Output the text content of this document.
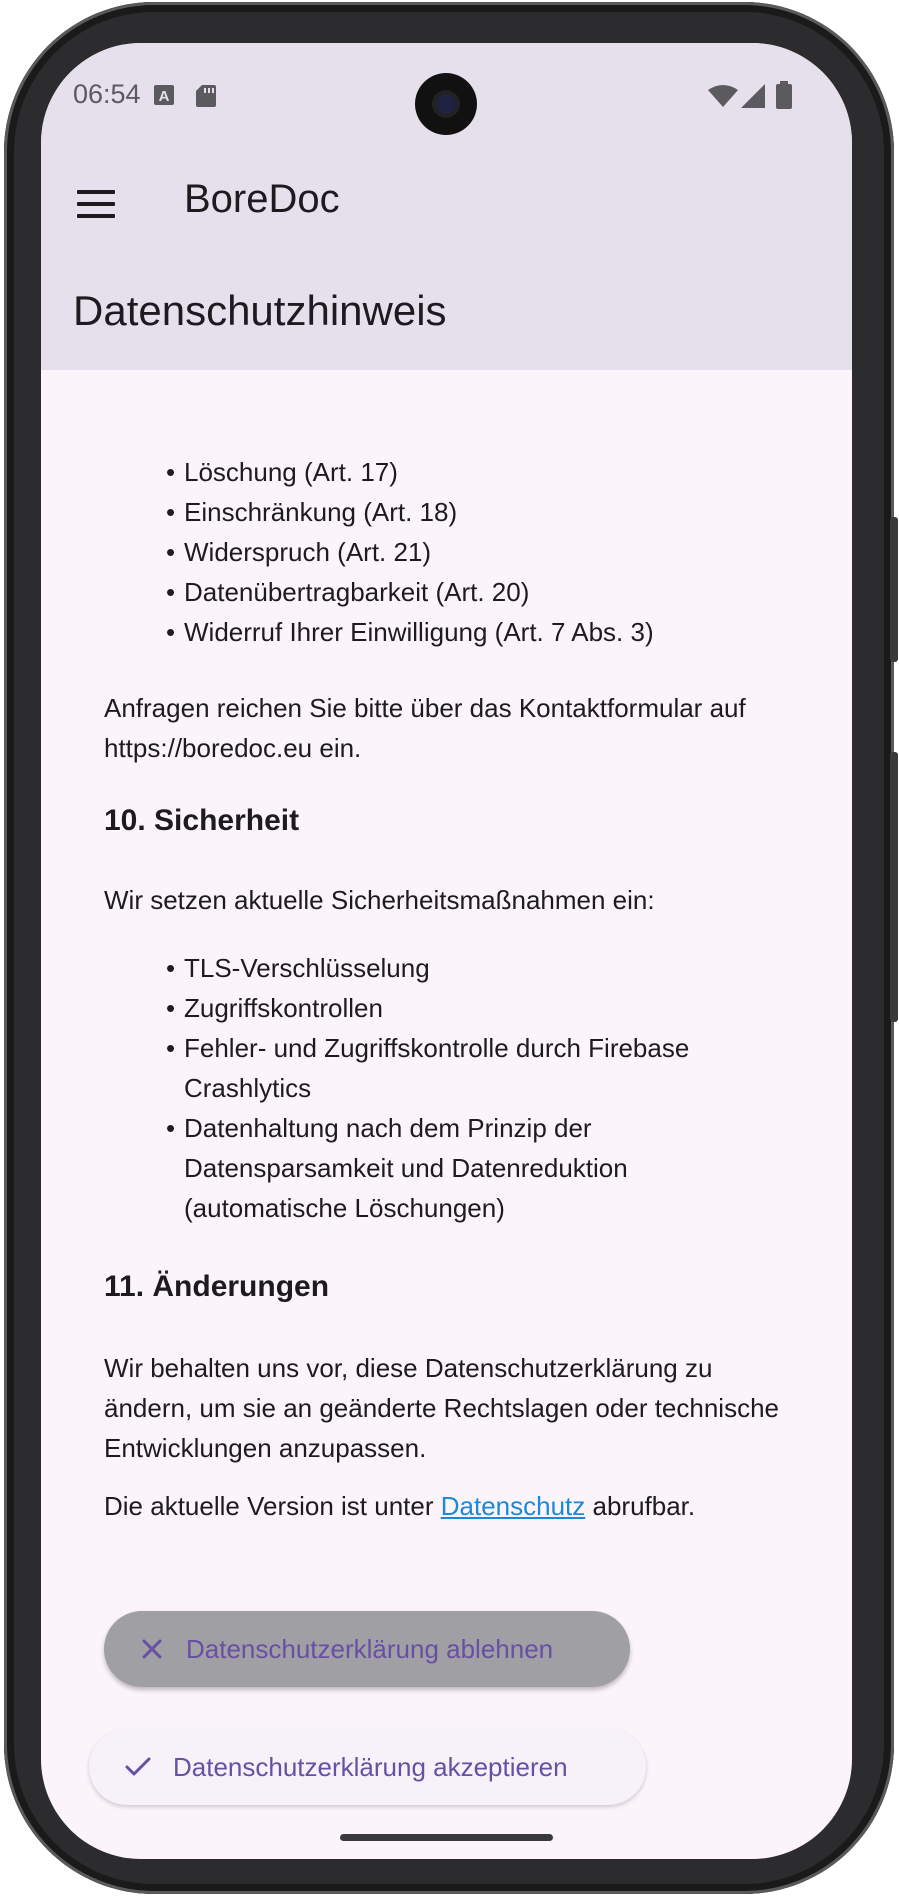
06:54 A
BoreDoc
Datenschutzhinweis
• Löschung (Art. 17)
• Einschränkung (Art. 18)
• Widerspruch (Art. 21)
• Datenübertragbarkeit (Art. 20)
• Widerruf Ihrer Einwilligung (Art. 7 Abs. 3)
Anfragen reichen Sie bitte über das Kontaktformular auf https://boredoc.eu ein.
10. Sicherheit
Wir setzen aktuelle Sicherheitsmaßnahmen ein:
• TLS-Verschlüsselung
• Zugriffskontrollen
• Fehler- und Zugriffskontrolle durch Firebase Crashlytics
• Datenhaltung nach dem Prinzip der Datensparsamkeit und Datenreduktion (automatische Löschungen)
11. Änderungen
Wir behalten uns vor, diese Datenschutzerklärung zu ändern, um sie an geänderte Rechtslagen oder technische Entwicklungen anzupassen.
Die aktuelle Version ist unter Datenschutz abrufbar.
Datenschutzerklärung ablehnen
Datenschutzerklärung akzeptieren
